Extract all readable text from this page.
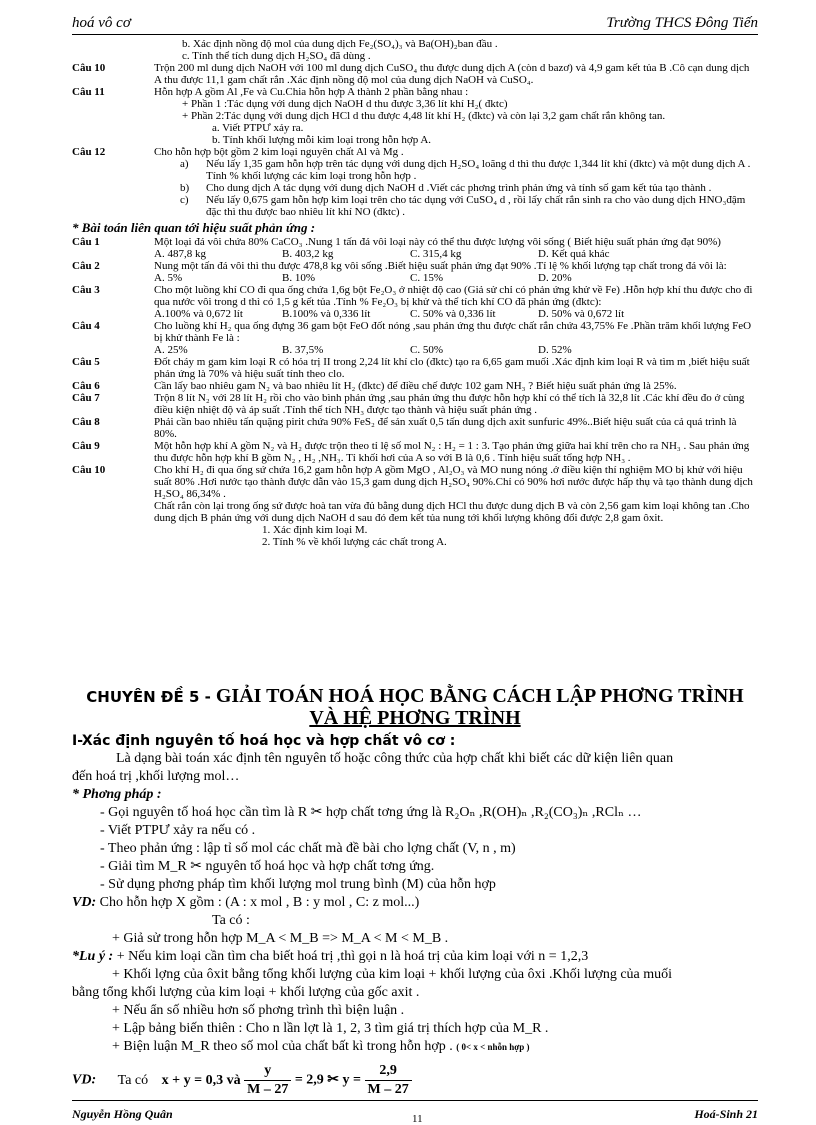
hoá vô cơ	Trường THCS Đông Tiến
b. Xác định nồng độ mol của dung dịch Fe₂(SO₄)₃ và Ba(OH)₂ban đầu .
c. Tính thể tích dung dịch H₂SO₄ đã dùng .
Câu 10	Trộn 200 ml dung dịch NaOH với 100 ml dung dịch CuSO₄ thu được dung dịch A (còn d bazơ) và 4,9 gam kết tủa B .Cô cạn dung dịch A thu được 11,1 gam chất rắn .Xác định nồng độ mol của dung dịch NaOH và CuSO₄.
Câu 11	Hỗn hợp A gồm Al ,Fe và Cu.Chia hỗn hợp A thành 2 phần bằng nhau :
+ Phần 1 :Tác dụng với dung dịch NaOH d thu được 3,36 lít khí H₂( đktc)
+ Phần 2:Tác dụng với dung dịch HCl d thu được 4,48 lít khí H₂ (đktc) và còn lại 3,2 gam chất rắn không tan.
a. Viết PTPƯ xảy ra.
b. Tính khối lượng mỗi kim loại trong hỗn hợp A.
Câu 12	Cho hỗn hợp bột gồm 2 kim loại nguyên chất Al và Mg .
a)	Nếu lấy 1,35 gam hỗn hợp trên tác dụng với dung dịch H₂SO₄ loãng d thì thu được 1,344 lít khí (đktc) và một dung dịch A . Tính % khối lượng các kim loại trong hỗn hợp .
b)	Cho dung dịch A tác dụng với dung dịch NaOH d .Viết các phơng trình phản ứng và tính số gam kết tủa tạo thành .
c)	Nếu lấy 0,675 gam hỗn hợp kim loại trên cho tác dụng với CuSO₄ d , rồi lấy chất rắn sinh ra cho vào dung dịch HNO₃đậm đặc thì thu được bao nhiêu lít khí NO (đktc) .
* Bài toán liên quan tới hiệu suất phản ứng :
Câu 1	Một loại đá vôi chứa 80% CaCO₃ .Nung 1 tấn đá vôi loại này có thể thu được lượng vôi sống ( Biết hiệu suất phản ứng đạt 90%)
A. 487,8 kg	B. 403,2 kg	C. 315,4 kg	D. Kết quả khác
Câu 2	Nung một tấn đá vôi thì thu được 478,8 kg vôi sống .Biết hiệu suất phản ứng đạt 90% .Tỉ lệ % khối lượng tạp chất trong đá vôi là:
A. 5%	B. 10%	C. 15%	D. 20%
Câu 3	Cho một luồng khí CO đi qua ống chứa 1,6g bột Fe₂O₃ ở nhiệt độ cao (Giả sử chỉ có phản ứng khử về Fe) .Hỗn hợp khí thu được cho đi qua nước vôi trong d thì có 1,5 g kết tủa .Tính % Fe₂O₃ bị khử và thể tích khí CO đã phản ứng (đktc):
A.100% và 0,672 lít	B.100% và 0,336 lít	C. 50% và 0,336 lít	D. 50% và 0,672 lít
Câu 4	Cho luồng khí H₂ qua ống đựng 36 gam bột FeO đốt nóng ,sau phản ứng thu được chất rắn chứa 43,75% Fe .Phần trăm khối lượng FeO bị khử thành Fe là :
A. 25%	B. 37,5%	C. 50%	D. 52%
Câu 5	Đốt cháy m gam kim loại R có hóa trị II trong 2,24 lít khí clo (đktc) tạo ra 6,65 gam muối .Xác định kim loại R và tìm m ,biết hiệu suất phản ứng là 70% và hiệu suất tính theo clo.
Câu 6	Cần lấy bao nhiêu gam N₂ và bao nhiêu lít H₂ (đktc) để điều chế được 102 gam NH₃ ? Biết hiệu suất phản ứng là 25%.
Câu 7	Trộn 8 lít N₂ với 28 lít H₂ rồi cho vào bình phản ứng ,sau phản ứng thu được hỗn hợp khí có thể tích là 32,8 lít .Các khí đều đo ở cùng điều kiện nhiệt độ và áp suất .Tính thể tích NH₃ được tạo thành và hiệu suất phản ứng .
Câu 8	Phải cần bao nhiêu tấn quặng pirit chứa 90% FeS₂ để sản xuất 0,5 tấn dung dịch axit sunfuric 49%..Biết hiệu suất của cả quá trình là 80%.
Câu 9	Một hỗn hợp khí A gồm N₂ và H₂ được trộn theo tỉ lệ số mol N₂ : H₂ = 1 : 3. Tạo phản ứng giữa hai khí trên cho ra NH₃ . Sau phản ứng thu được hỗn hợp khí B gồm N₂ , H₂ ,NH₃. Tỉ khối hơi của A so với B là 0,6 . Tính hiệu suất tổng hợp NH₃ .
Câu 10	Cho khí H₂ đi qua ống sứ chứa 16,2 gam hỗn hợp A gồm MgO , Al₂O₃ và MO nung nóng .ở điều kiện thí nghiệm MO bị khử với hiệu suất 80% .Hơi nước tạo thành được dẫn vào 15,3 gam dung dịch H₂SO₄ 90%.Chỉ có 90% hơi nước được hấp thụ và tạo thành dung dịch H₂SO₄ 86,34% .
Chất rắn còn lại trong ống sứ được hoà tan vừa đủ bằng dung dịch HCl thu được dung dịch B và còn 2,56 gam kim loại không tan .Cho dung dịch B phản ứng với dung dịch NaOH d sau đó đem kết tủa nung tới khối lượng không đổi được 2,8 gam ôxit.
1. Xác định kim loại M.
2. Tính % về khối lượng các chất trong A.
CHUYÊN ĐỀ 5 - GIẢI TOÁN HOÁ HỌC BẰNG CÁCH LẬP PHƠNG TRÌNH
VÀ HỆ PHƠNG TRÌNH
I-Xác định nguyên tố hoá học và hợp chất vô cơ :
Là dạng bài toán xác định tên nguyên tố hoặc công thức của hợp chất khi biết các dữ kiện liên quan
đến hoá trị ,khối lượng mol…
* Phơng pháp :
- Gọi nguyên tố hoá học cần tìm là R ✂ hợp chất tơng ứng là R₂Oₙ ,R(OH)ₙ ,R₂(CO₃)ₙ ,RClₙ …
- Viết PTPƯ xảy ra nếu có .
- Theo phản ứng : lập tỉ số mol các chất mà đề bài cho lợng chất (V, n , m)
- Giải tìm M_R ✂ nguyên tố hoá học và hợp chất tơng ứng.
- Sử dụng phơng pháp tìm khối lượng mol trung bình (M) của hỗn hợp
VD: Cho hỗn hợp X gồm : (A : x mol , B : y mol , C: z mol...)
Ta có :
+ Giả sử trong hỗn hợp M_A < M_B => M_A < M < M_B .
*Lu ý : + Nếu kim loại cần tìm cha biết hoá trị ,thì gọi n là hoá trị của kim loại với n = 1,2,3
+ Khối lợng của ôxit bằng tổng khối lượng của kim loại + khối lượng của ôxi .Khối lượng của muối
bằng tổng khối lượng của kim loại + khối lượng của gốc axit .
+ Nếu ẩn số nhiều hơn số phơng trình thì biện luận .
+ Lập bảng biến thiên : Cho n lần lợt là 1, 2, 3 tìm giá trị thích hợp của M_R .
+ Biện luận M_R theo số mol của chất bất kì trong hỗn hợp . ( 0< x < nhỗn hợp )
VD: Ta có x + y = 0,3 và $\frac{y}{M - 27} = 2,9$ ✂ $y = \frac{2,9}{M - 27}$
Nguyễn Hồng Quân	11	Hoá-Sinh 21
